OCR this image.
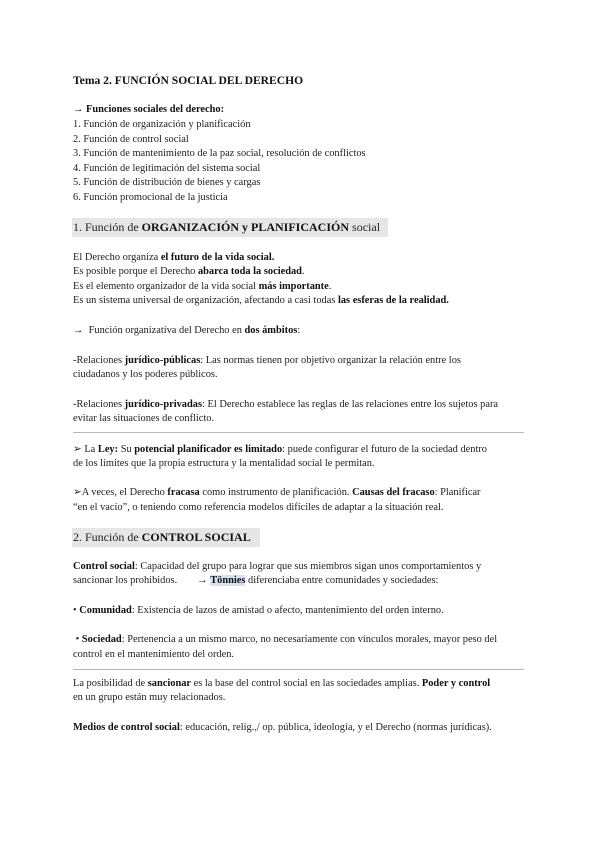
Tema 2. FUNCIÓN SOCIAL DEL DERECHO
→ Funciones sociales del derecho:
1. Función de organización y planificación
2. Función de control social
3. Función de mantenimiento de la paz social, resolución de conflictos
4. Función de legitimación del sistema social
5. Función de distribución de bienes y cargas
6. Función promocional de la justicia
1. Función de ORGANIZACIÓN y PLANIFICACIÓN social
El Derecho organiza el futuro de la vida social.
Es posible porque el Derecho abarca toda la sociedad.
Es el elemento organizador de la vida social más importante.
Es un sistema universal de organización, afectando a casi todas las esferas de la realidad.
→ Función organizativa del Derecho en dos ámbitos:
-Relaciones jurídico-públicas: Las normas tienen por objetivo organizar la relación entre los
ciudadanos y los poderes públicos.
-Relaciones jurídico-privadas: El Derecho establece las reglas de las relaciones entre los sujetos para
evitar las situaciones de conflicto.
➢ La Ley: Su potencial planificador es limitado: puede configurar el futuro de la sociedad dentro
de los límites que la propia estructura y la mentalidad social le permitan.
➢A veces, el Derecho fracasa como instrumento de planificación. Causas del fracaso: Planificar
“en el vacío”, o teniendo como referencia modelos difíciles de adaptar a la situación real.
2. Función de CONTROL SOCIAL
Control social: Capacidad del grupo para lograr que sus miembros sigan unos comportamientos y
sancionar los prohibidos. → Tönnies diferenciaba entre comunidades y sociedades:
• Comunidad: Existencia de lazos de amistad o afecto, mantenimiento del orden interno.
• Sociedad: Pertenencia a un mismo marco, no necesariamente con vínculos morales, mayor peso del
control en el mantenimiento del orden.
La posibilidad de sancionar es la base del control social en las sociedades amplias. Poder y control
en un grupo están muy relacionados.
Medios de control social: educación, relig.,/ op. pública, ideología, y el Derecho (normas jurídicas).
